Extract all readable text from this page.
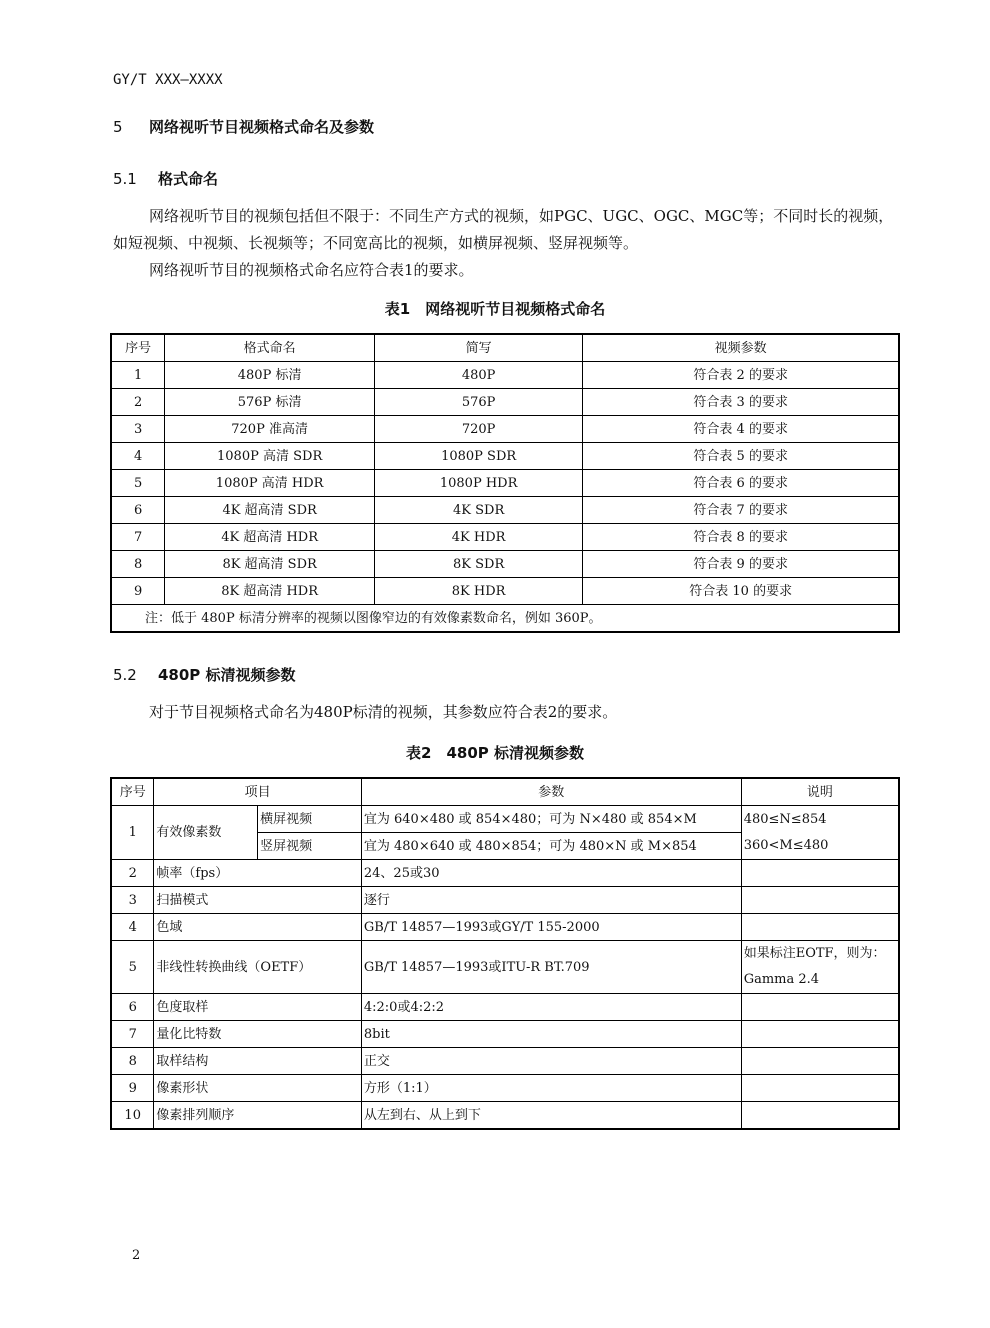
GY/T XXX—XXXX
5 网络视听节目视频格式命名及参数
5.1 格式命名

网络视听节目的视频包括但不限于：不同生产方式的视频，如PGC、UGC、OGC、MGC等；不同时长的视频，如短视频、中视频、长视频等；不同宽高比的视频，如横屏视频、竖屏视频等。

网络视听节目的视频格式命名应符合表1的要求。

表1　网络视听节目视频格式命名
序号	格式命名	简写	视频参数
1	480P 标清	480P	符合表 2 的要求
2	576P 标清	576P	符合表 3 的要求
3	720P 准高清	720P	符合表 4 的要求
4	1080P 高清 SDR	1080P SDR	符合表 5 的要求
5	1080P 高清 HDR	1080P HDR	符合表 6 的要求
6	4K 超高清 SDR	4K SDR	符合表 7 的要求
7	4K 超高清 HDR	4K HDR	符合表 8 的要求
8	8K 超高清 SDR	8K SDR	符合表 9 的要求
9	8K 超高清 HDR	8K HDR	符合表 10 的要求
注：低于 480P 标清分辨率的视频以图像窄边的有效像素数命名，例如 360P。			
5.2 480P 标清视频参数

对于节目视频格式命名为480P标清的视频，其参数应符合表2的要求。

表2　480P 标清视频参数
序号	项目		参数	说明
1	有效像素数	横屏视频	宜为 640×480 或 854×480；可为 N×480 或 854×M	480≤N≤854
		竖屏视频	宜为 480×640 或 480×854；可为 480×N 或 M×854	360<M≤480
2	帧率（fps）		24、25或30	
3	扫描模式		逐行	
4	色域		GB/T 14857—1993或GY/T 155-2000	
5	非线性转换曲线（OETF）		GB/T 14857—1993或ITU-R BT.709	如果标注EOTF，则为：Gamma 2.4
6	色度取样		4:2:0或4:2:2	
7	量化比特数		8bit	
8	取样结构		正交	
9	像素形状		方形（1:1）	
10	像素排列顺序		从左到右、从上到下	
2
